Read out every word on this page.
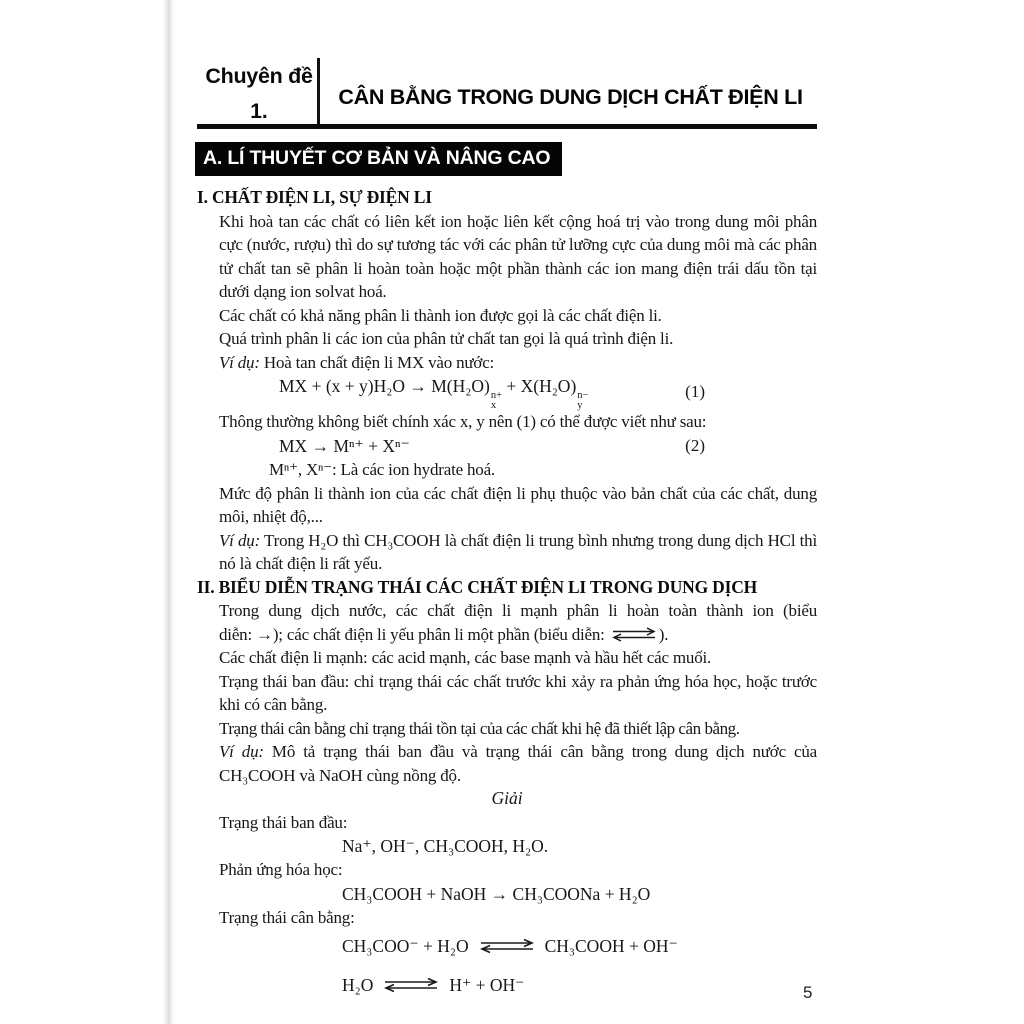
Chuyên đề
1.
CÂN BẰNG TRONG DUNG DỊCH CHẤT ĐIỆN LI
A. LÍ THUYẾT CƠ BẢN VÀ NÂNG CAO
I. CHẤT ĐIỆN LI, SỰ ĐIỆN LI

Khi hoà tan các chất có liên kết ion hoặc liên kết cộng hoá trị vào trong dung môi phân cực (nước, rượu) thì do sự tương tác với các phân tử lưỡng cực của dung môi mà các phân tử chất tan sẽ phân li hoàn toàn hoặc một phần thành các ion mang điện trái dấu tồn tại dưới dạng ion solvat hoá.

Các chất có khả năng phân li thành ion được gọi là các chất điện li.

Quá trình phân li các ion của phân tử chất tan gọi là quá trình điện li.

Ví dụ: Hoà tan chất điện li MX vào nước:

MX + (x + y)H₂O → M(H₂O) n+
x
+ X(H₂O) n−
y
(1)

Thông thường không biết chính xác x, y nên (1) có thể được viết như sau:

MX → Mⁿ⁺ + Xⁿ⁻	(2)

Mⁿ⁺, Xⁿ⁻: Là các ion hydrate hoá.

Mức độ phân li thành ion của các chất điện li phụ thuộc vào bản chất của các chất, dung môi, nhiệt độ,...

Ví dụ: Trong H₂O thì CH₃COOH là chất điện li trung bình nhưng trong dung dịch HCl thì nó là chất điện li rất yếu.

II. BIỂU DIỄN TRẠNG THÁI CÁC CHẤT ĐIỆN LI TRONG DUNG DỊCH

Trong dung dịch nước, các chất điện li mạnh phân li hoàn toàn thành ion (biểu

diễn: →); các chất điện li yếu phân li một phần (biểu diễn: ⇌ ).

Các chất điện li mạnh: các acid mạnh, các base mạnh và hầu hết các muối.

Trạng thái ban đầu: chỉ trạng thái các chất trước khi xảy ra phản ứng hóa học, hoặc trước khi có cân bằng.

Trạng thái cân bằng chỉ trạng thái tồn tại của các chất khi hệ đã thiết lập cân bằng.

Ví dụ: Mô tả trạng thái ban đầu và trạng thái cân bằng trong dung dịch nước của CH₃COOH và NaOH cùng nồng độ.

Giải

Trạng thái ban đầu:

Na⁺, OH⁻, CH₃COOH, H₂O.

Phản ứng hóa học:

CH₃COOH + NaOH → CH₃COONa + H₂O

Trạng thái cân bằng:

CH₃COO⁻ + H₂O ⇌ CH₃COOH + OH⁻
H₂O ⇌ H⁺ + OH⁻	5
